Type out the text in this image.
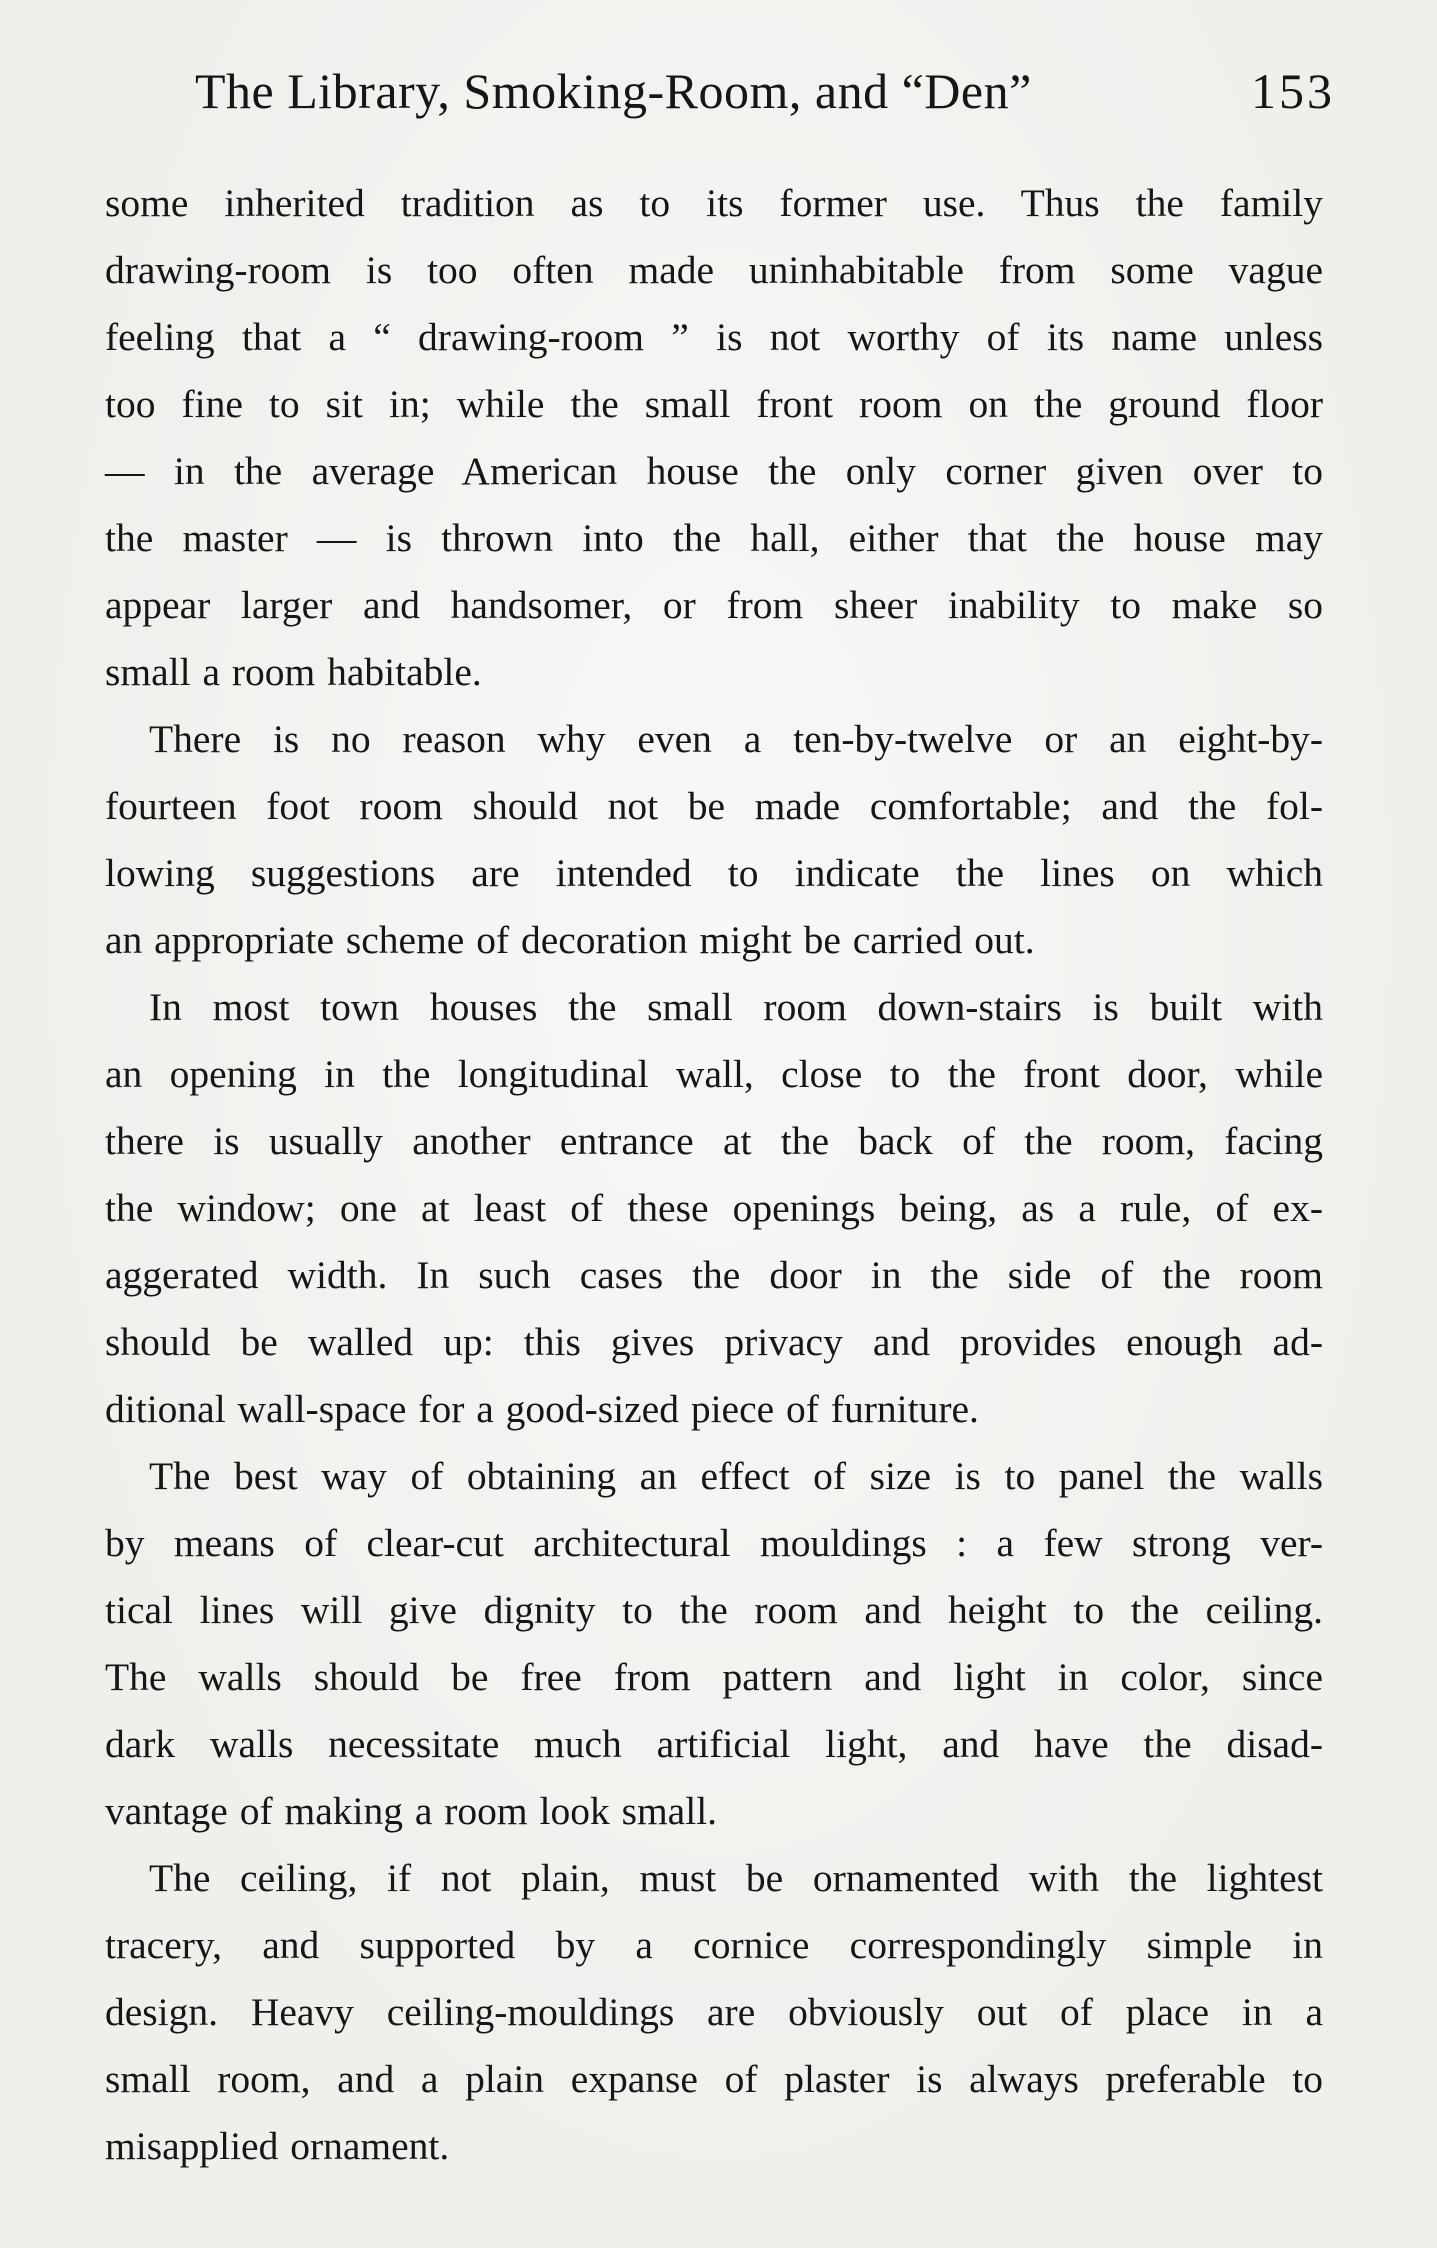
The Library, Smoking-Room, and “Den”	153
some inherited tradition as to its former use. Thus the family
drawing-room is too often made uninhabitable from some vague
feeling that a “ drawing-room ” is not worthy of its name unless
too fine to sit in; while the small front room on the ground floor
— in the average American house the only corner given over to
the master — is thrown into the hall, either that the house may
appear larger and handsomer, or from sheer inability to make so
small a room habitable.
There is no reason why even a ten-by-twelve or an eight-by-
fourteen foot room should not be made comfortable; and the fol-
lowing suggestions are intended to indicate the lines on which
an appropriate scheme of decoration might be carried out.
In most town houses the small room down-stairs is built with
an opening in the longitudinal wall, close to the front door, while
there is usually another entrance at the back of the room, facing
the window; one at least of these openings being, as a rule, of ex-
aggerated width. In such cases the door in the side of the room
should be walled up: this gives privacy and provides enough ad-
ditional wall-space for a good-sized piece of furniture.
The best way of obtaining an effect of size is to panel the walls
by means of clear-cut architectural mouldings : a few strong ver-
tical lines will give dignity to the room and height to the ceiling.
The walls should be free from pattern and light in color, since
dark walls necessitate much artificial light, and have the disad-
vantage of making a room look small.
The ceiling, if not plain, must be ornamented with the lightest
tracery, and supported by a cornice correspondingly simple in
design. Heavy ceiling-mouldings are obviously out of place in a
small room, and a plain expanse of plaster is always preferable to
misapplied ornament.
